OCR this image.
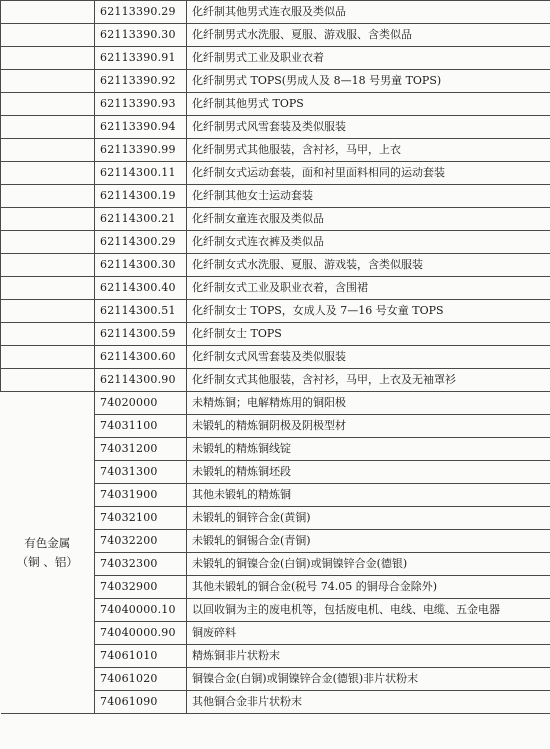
	62113390.29	化纤制其他男式连衣服及类似品
	62113390.30	化纤制男式水洗服、夏服、游戏服、含类似品
	62113390.91	化纤制男式工业及职业衣着
	62113390.92	化纤制男式 TOPS(男成人及 8—18 号男童 TOPS)
	62113390.93	化纤制其他男式 TOPS
	62113390.94	化纤制男式风雪套装及类似服装
	62113390.99	化纤制男式其他服装，含衬衫，马甲，上衣
	62114300.11	化纤制女式运动套装，面和衬里面料相同的运动套装
	62114300.19	化纤制其他女士运动套装
	62114300.21	化纤制女童连衣服及类似品
	62114300.29	化纤制女式连衣裤及类似品
	62114300.30	化纤制女式水洗服、夏服、游戏装，含类似服装
	62114300.40	化纤制女式工业及职业衣着，含围裙
	62114300.51	化纤制女士 TOPS，女成人及 7—16 号女童 TOPS
	62114300.59	化纤制女士 TOPS
	62114300.60	化纤制女式风雪套装及类似服装
	62114300.90	化纤制女式其他服装，含衬衫，马甲，上衣及无袖罩衫

有色金属
（铜 、铝）	74020000	未精炼铜；电解精炼用的铜阳极
	74031100	未锻轧的精炼铜阴极及阴极型材
	74031200	未锻轧的精炼铜线锭
	74031300	未锻轧的精炼铜坯段
	74031900	其他未锻轧的精炼铜
	74032100	未锻轧的铜锌合金(黄铜)
	74032200	未锻轧的铜锡合金(青铜)
	74032300	未锻轧的铜镍合金(白铜)或铜镍锌合金(德银)
	74032900	其他未锻轧的铜合金(税号 74.05 的铜母合金除外)
	74040000.10	以回收铜为主的废电机等，包括废电机、电线、电缆、五金电器
	74040000.90	铜废碎料
	74061010	精炼铜非片状粉末
	74061020	铜镍合金(白铜)或铜镍锌合金(德银)非片状粉末
	74061090	其他铜合金非片状粉末
